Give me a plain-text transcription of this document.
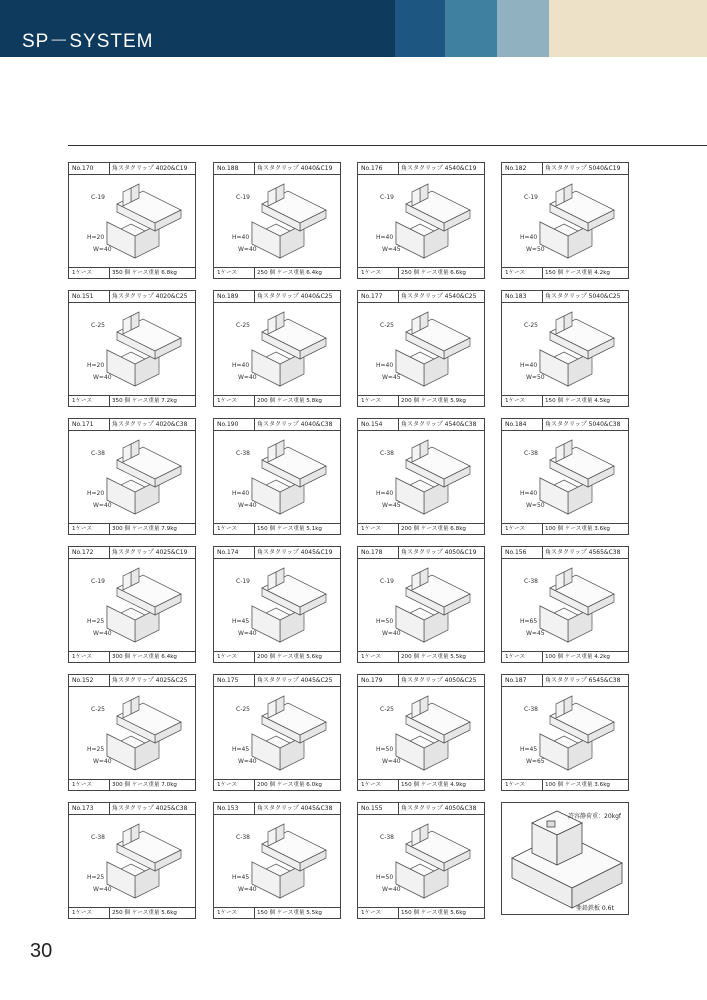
SP－SYSTEM
No.170	角スタクリップ 4020&C19
C-19
H=20
W=40
1ケース	350 個 ケース重量 6.8kg
No.188	角スタクリップ 4040&C19
C-19
H=40
W=40
1ケース	250 個 ケース重量 6.4kg
No.176	角スタクリップ 4540&C19
C-19
H=40
W=45
1ケース	250 個 ケース重量 6.6kg
No.182	角スタクリップ 5040&C19
C-19
H=40
W=50
1ケース	150 個 ケース重量 4.2kg
No.151	角スタクリップ 4020&C25
C-25
H=20
W=40
1ケース	350 個 ケース重量 7.2kg
No.189	角スタクリップ 4040&C25
C-25
H=40
W=40
1ケース	200 個 ケース重量 5.8kg
No.177	角スタクリップ 4540&C25
C-25
H=40
W=45
1ケース	200 個 ケース重量 5.9kg
No.183	角スタクリップ 5040&C25
C-25
H=40
W=50
1ケース	150 個 ケース重量 4.5kg
No.171	角スタクリップ 4020&C38
C-38
H=20
W=40
1ケース	300 個 ケース重量 7.9kg
No.190	角スタクリップ 4040&C38
C-38
H=40
W=40
1ケース	150 個 ケース重量 5.1kg
No.154	角スタクリップ 4540&C38
C-38
H=40
W=45
1ケース	200 個 ケース重量 6.8kg
No.184	角スタクリップ 5040&C38
C-38
H=40
W=50
1ケース	100 個 ケース重量 3.6kg
No.172	角スタクリップ 4025&C19
C-19
H=25
W=40
1ケース	300 個 ケース重量 6.4kg
No.174	角スタクリップ 4045&C19
C-19
H=45
W=40
1ケース	200 個 ケース重量 5.6kg
No.178	角スタクリップ 4050&C19
C-19
H=50
W=40
1ケース	200 個 ケース重量 5.5kg
No.156	角スタクリップ 4565&C38
C-38
H=65
W=45
1ケース	100 個 ケース重量 4.2kg
No.152	角スタクリップ 4025&C25
C-25
H=25
W=40
1ケース	300 個 ケース重量 7.0kg
No.175	角スタクリップ 4045&C25
C-25
H=45
W=40
1ケース	200 個 ケース重量 6.0kg
No.179	角スタクリップ 4050&C25
C-25
H=50
W=40
1ケース	150 個 ケース重量 4.9kg
No.187	角スタクリップ 6545&C38
C-38
H=45
W=65
1ケース	100 個 ケース重量 3.6kg
No.173	角スタクリップ 4025&C38
C-38
H=25
W=40
1ケース	250 個 ケース重量 5.6kg
No.153	角スタクリップ 4045&C38
C-38
H=45
W=40
1ケース	150 個 ケース重量 5.5kg
No.155	角スタクリップ 4050&C38
C-38
H=50
W=40
1ケース	150 個 ケース重量 5.6kg
許容静荷重：20kgf
亜鉛鉄板 0.6t
30
